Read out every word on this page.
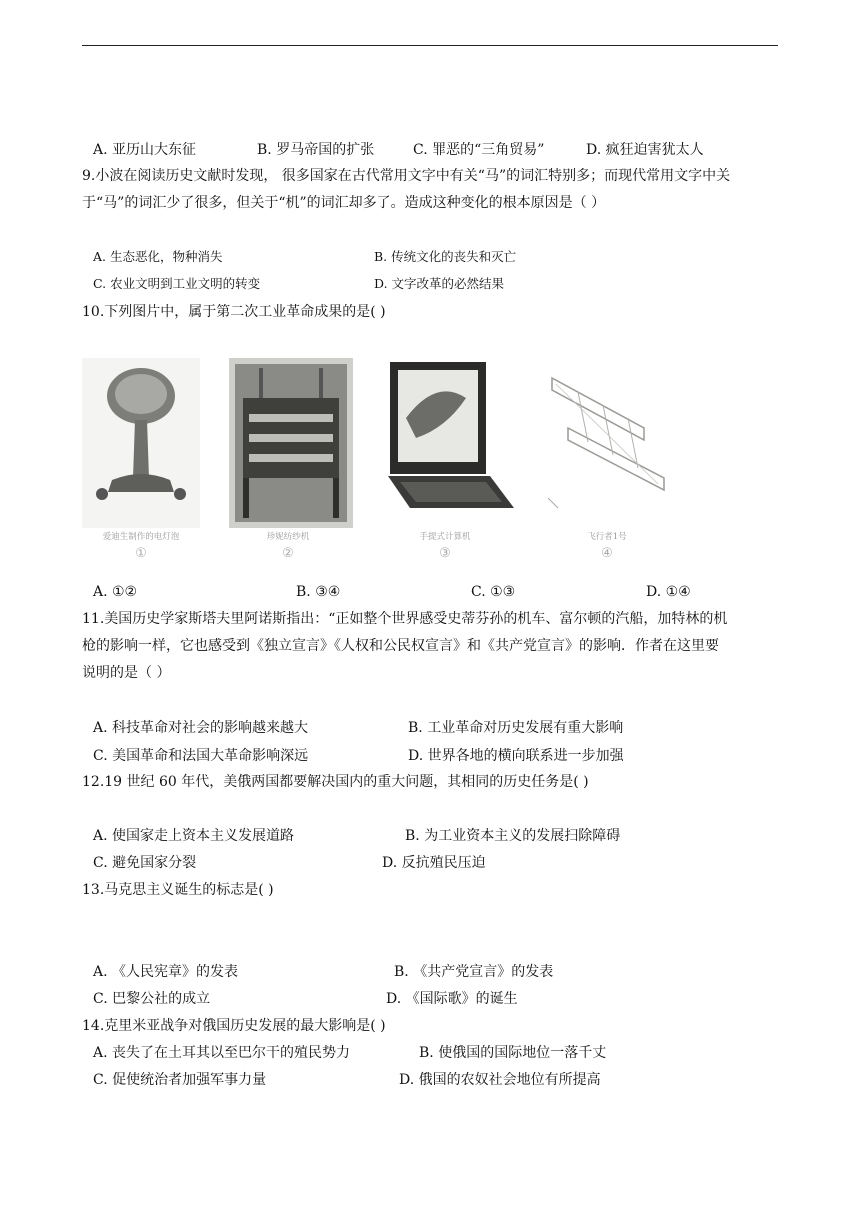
A. 亚历山大东征	B. 罗马帝国的扩张	C. 罪恶的“三角贸易”	D. 疯狂迫害犹太人
9.小波在阅读历史文献时发现， 很多国家在古代常用文字中有关“马”的词汇特别多；而现代常用文字中关
于“马”的词汇少了很多，但关于“机”的词汇却多了。造成这种变化的根本原因是（ ）
A. 生态恶化，物种消失	B. 传统文化的丧失和灭亡
C. 农业文明到工业文明的转变	D. 文字改革的必然结果
10.下列图片中，属于第二次工业革命成果的是( )
爱迪生制作的电灯泡
①
珍妮纺纱机
②
手提式计算机
③
飞行者1号
④
A. ①②	B. ③④	C. ①③	D. ①④
11.美国历史学家斯塔夫里阿诺斯指出：“正如整个世界感受史蒂芬孙的机车、富尔顿的汽船，加特林的机
枪的影响一样，它也感受到《独立宣言》《人权和公民权宣言》和《共产党宣言》的影响．作者在这里要
说明的是（ ）
A. 科技革命对社会的影响越来越大	B. 工业革命对历史发展有重大影响
C. 美国革命和法国大革命影响深远	D. 世界各地的横向联系进一步加强
12.19 世纪 60 年代，美俄两国都要解决国内的重大问题，其相同的历史任务是( )
A. 使国家走上资本主义发展道路	B. 为工业资本主义的发展扫除障碍
C. 避免国家分裂	D. 反抗殖民压迫
13.马克思主义诞生的标志是( )
A. 《人民宪章》的发表	B. 《共产党宣言》的发表
C. 巴黎公社的成立	D. 《国际歌》的诞生
14.克里米亚战争对俄国历史发展的最大影响是( )
A. 丧失了在土耳其以至巴尔干的殖民势力	B. 使俄国的国际地位一落千丈
C. 促使统治者加强军事力量	D. 俄国的农奴社会地位有所提高
